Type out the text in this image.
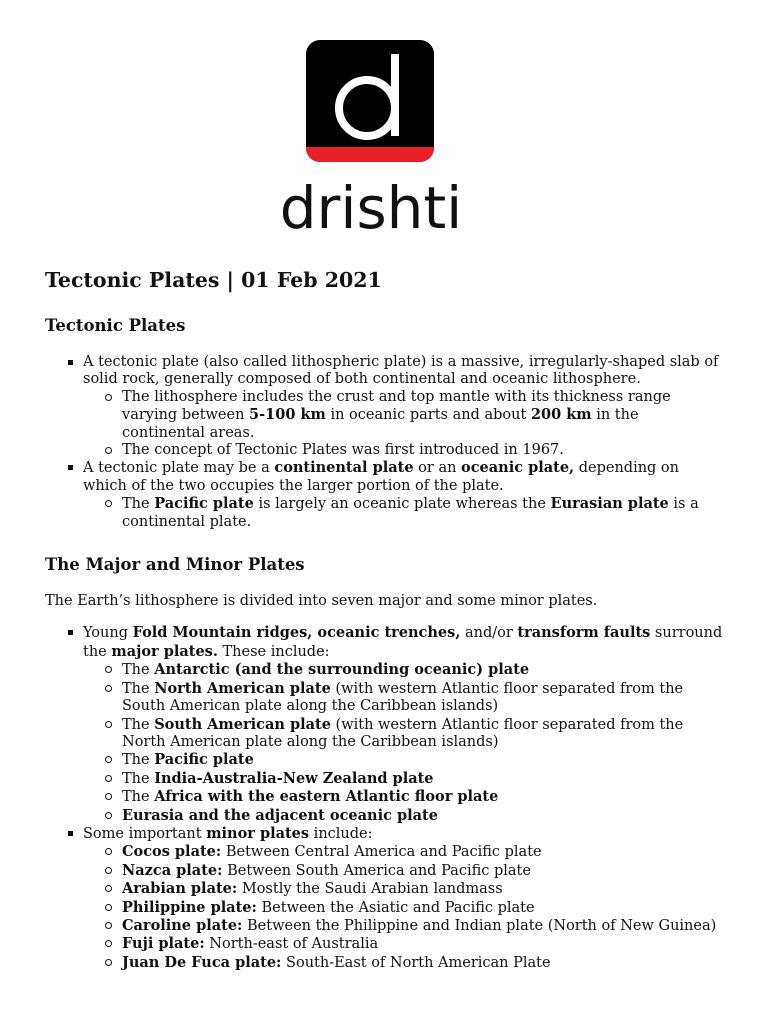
drishti
Tectonic Plates | 01 Feb 2021
Tectonic Plates
A tectonic plate (also called lithospheric plate) is a massive, irregularly-shaped slab of solid rock, generally composed of both continental and oceanic lithosphere.
The lithosphere includes the crust and top mantle with its thickness range varying between 5-100 km in oceanic parts and about 200 km in the continental areas.
The concept of Tectonic Plates was first introduced in 1967.
A tectonic plate may be a continental plate or an oceanic plate, depending on which of the two occupies the larger portion of the plate.
The Pacific plate is largely an oceanic plate whereas the Eurasian plate is a continental plate.
The Major and Minor Plates

The Earth’s lithosphere is divided into seven major and some minor plates.

Young Fold Mountain ridges, oceanic trenches, and/or transform faults surround the major plates. These include:
The Antarctic (and the surrounding oceanic) plate
The North American plate (with western Atlantic floor separated from the South American plate along the Caribbean islands)
The South American plate (with western Atlantic floor separated from the North American plate along the Caribbean islands)
The Pacific plate
The India-Australia-New Zealand plate
The Africa with the eastern Atlantic floor plate
Eurasia and the adjacent oceanic plate
Some important minor plates include:
Cocos plate: Between Central America and Pacific plate
Nazca plate: Between South America and Pacific plate
Arabian plate: Mostly the Saudi Arabian landmass
Philippine plate: Between the Asiatic and Pacific plate
Caroline plate: Between the Philippine and Indian plate (North of New Guinea)
Fuji plate: North-east of Australia
Juan De Fuca plate: South-East of North American Plate
